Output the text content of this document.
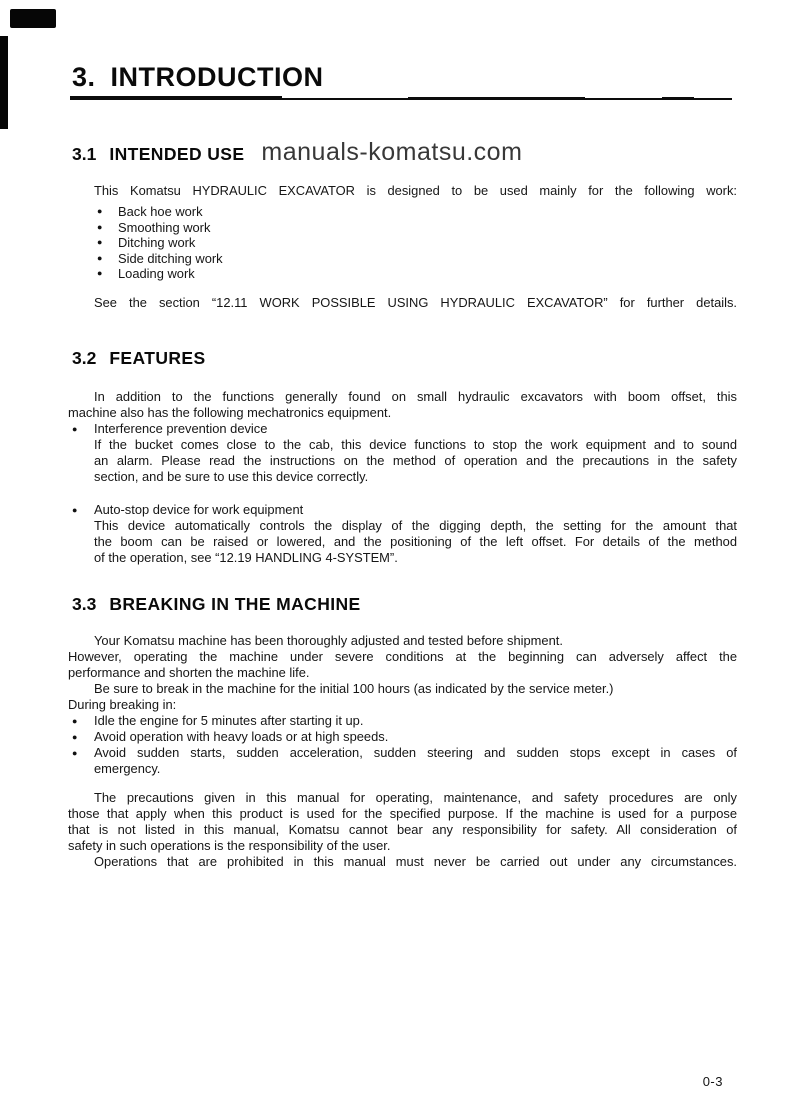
3. INTRODUCTION
3.1 INTENDED USE manuals-komatsu.com
This Komatsu HYDRAULIC EXCAVATOR is designed to be used mainly for the following work:
●	Back hoe work
●	Smoothing work
●	Ditching work
●	Side ditching work
●	Loading work
See the section “12.11 WORK POSSIBLE USING HYDRAULIC EXCAVATOR” for further details.
3.2 FEATURES
In addition to the functions generally found on small hydraulic excavators with boom offset, this
machine also has the following mechatronics equipment.
●	Interference prevention device
If the bucket comes close to the cab, this device functions to stop the work equipment and to sound
an alarm. Please read the instructions on the method of operation and the precautions in the safety
section, and be sure to use this device correctly.
●	Auto-stop device for work equipment
This device automatically controls the display of the digging depth, the setting for the amount that
the boom can be raised or lowered, and the positioning of the left offset. For details of the method
of the operation, see “12.19 HANDLING 4-SYSTEM”.
3.3 BREAKING IN THE MACHINE
Your Komatsu machine has been thoroughly adjusted and tested before shipment.
However, operating the machine under severe conditions at the beginning can adversely affect the
performance and shorten the machine life.
Be sure to break in the machine for the initial 100 hours (as indicated by the service meter.)
During breaking in:
●	Idle the engine for 5 minutes after starting it up.
●	Avoid operation with heavy loads or at high speeds.
●	Avoid sudden starts, sudden acceleration, sudden steering and sudden stops except in cases of
emergency.
The precautions given in this manual for operating, maintenance, and safety procedures are only
those that apply when this product is used for the specified purpose. If the machine is used for a purpose
that is not listed in this manual, Komatsu cannot bear any responsibility for safety. All consideration of
safety in such operations is the responsibility of the user.
Operations that are prohibited in this manual must never be carried out under any circumstances.
0-3
